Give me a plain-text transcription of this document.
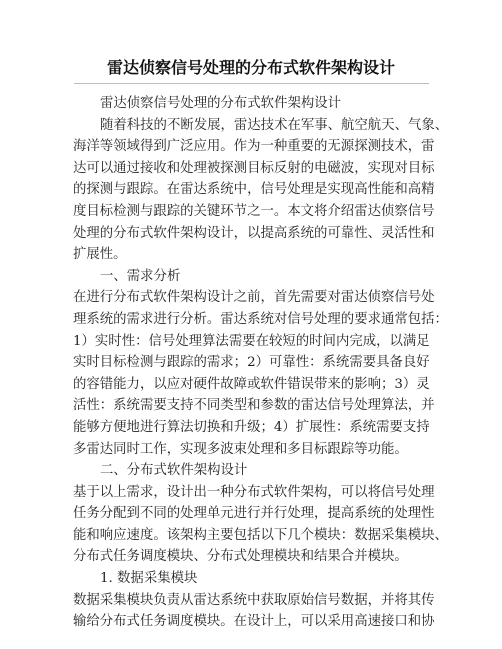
雷达侦察信号处理的分布式软件架构设计

雷达侦察信号处理的分布式软件架构设计

随着科技的不断发展，雷达技术在军事、航空航天、气象、

海洋等领域得到广泛应用。作为一种重要的无源探测技术，雷

达可以通过接收和处理被探测目标反射的电磁波，实现对目标

的探测与跟踪。在雷达系统中，信号处理是实现高性能和高精

度目标检测与跟踪的关键环节之一。本文将介绍雷达侦察信号

处理的分布式软件架构设计，以提高系统的可靠性、灵活性和

扩展性。

一、需求分析

在进行分布式软件架构设计之前，首先需要对雷达侦察信号处

理系统的需求进行分析。雷达系统对信号处理的要求通常包括：

1）实时性：信号处理算法需要在较短的时间内完成，以满足

实时目标检测与跟踪的需求；2）可靠性：系统需要具备良好

的容错能力，以应对硬件故障或软件错误带来的影响；3）灵

活性：系统需要支持不同类型和参数的雷达信号处理算法，并

能够方便地进行算法切换和升级；4）扩展性：系统需要支持

多雷达同时工作，实现多波束处理和多目标跟踪等功能。

二、分布式软件架构设计

基于以上需求，设计出一种分布式软件架构，可以将信号处理

任务分配到不同的处理单元进行并行处理，提高系统的处理性

能和响应速度。该架构主要包括以下几个模块：数据采集模块、

分布式任务调度模块、分布式处理模块和结果合并模块。

1. 数据采集模块

数据采集模块负责从雷达系统中获取原始信号数据，并将其传

输给分布式任务调度模块。在设计上，可以采用高速接口和协
